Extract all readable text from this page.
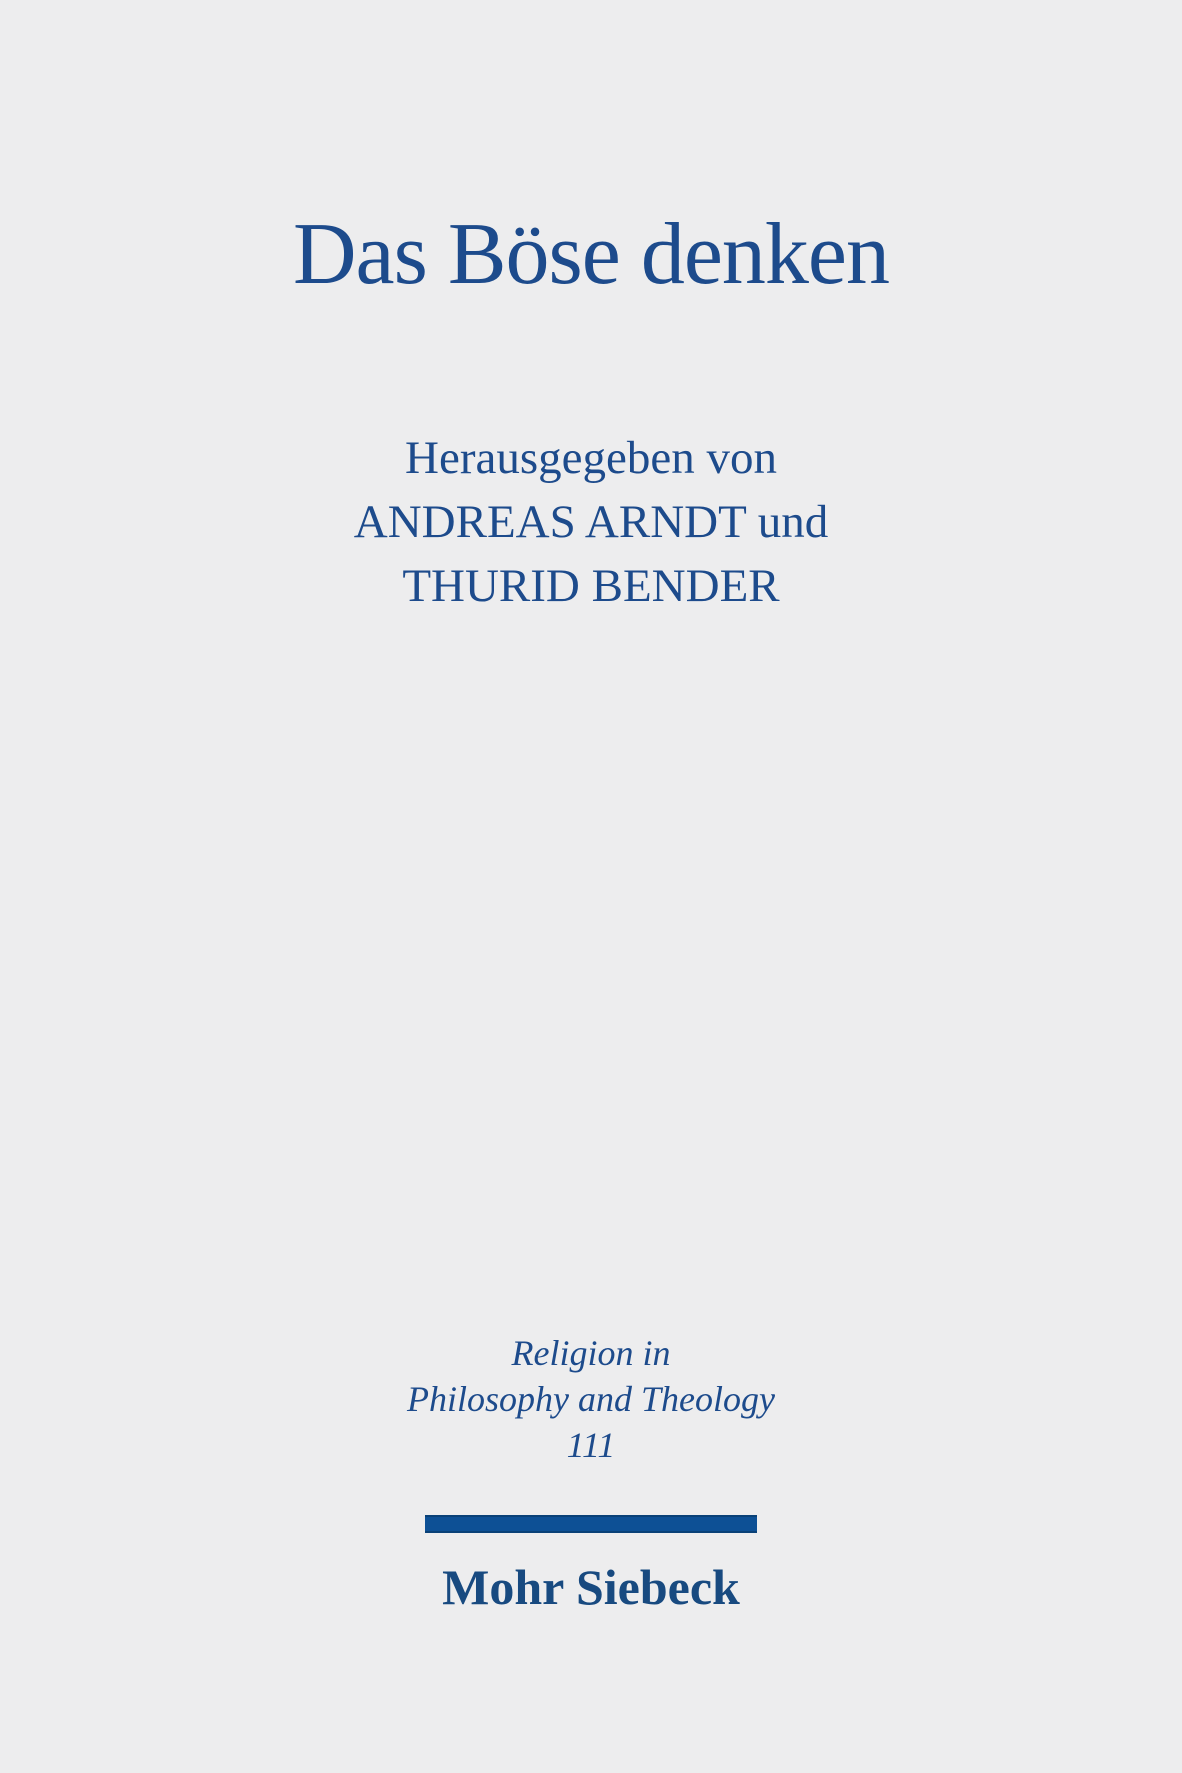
Das Böse denken
Herausgegeben von
ANDREAS ARNDT und
THURID BENDER
Religion in
Philosophy and Theology
111
Mohr Siebeck
